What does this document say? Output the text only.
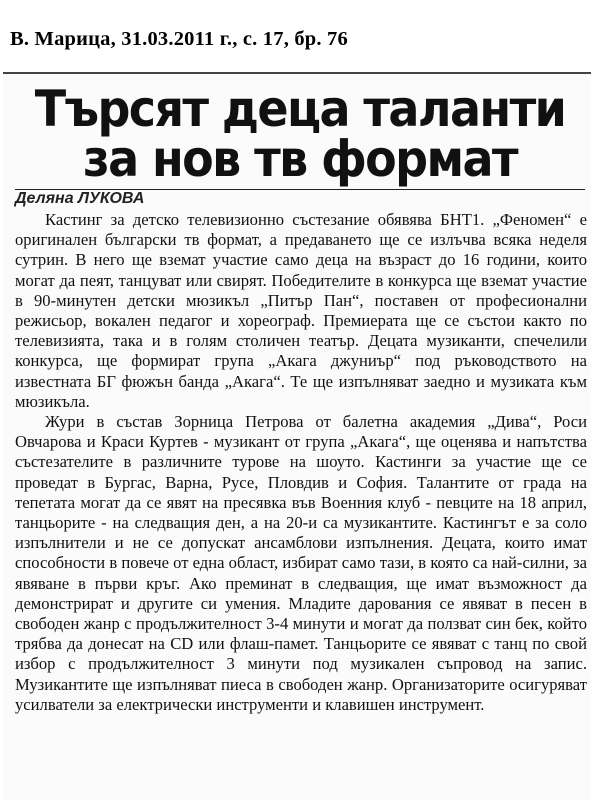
В. Марица, 31.03.2011 г., с. 17, бр. 76
Търсят деца таланти
за нов тв формат
Деляна ЛУКОВА

Кастинг за детско телевизионно състезание обявява БНТ1. „Феномен“ е оригинален български тв формат, а предаването ще се излъчва всяка неделя сутрин. В него ще вземат участие само деца на възраст до 16 години, които могат да пеят, танцуват или свирят. Победителите в конкурса ще вземат участие в 90-минутен детски мюзикъл „Питър Пан“, поставен от професионални режисьор, вокален педагог и хореограф. Премиерата ще се състои както по телевизията, така и в голям столичен театър. Децата музиканти, спечелили конкурса, ще формират група „Акага джуниър“ под ръководството на известната БГ фюжън банда „Акага“. Те ще изпълняват заедно и музиката към мюзикъла.

Жури в състав Зорница Петрова от балетна академия „Дива“, Роси Овчарова и Краси Куртев - музикант от група „Акага“, ще оценява и напътства състезателите в различните турове на шоуто. Кастинги за участие ще се проведат в Бургас, Варна, Русе, Пловдив и София. Талантите от града на тепетата могат да се явят на пресявка във Военния клуб - певците на 18 април, танцьорите - на следващия ден, а на 20-и са музикантите. Кастингът е за соло изпълнители и не се допускат ансамблови изпълнения. Децата, които имат способности в повече от една област, избират само тази, в която са най-силни, за явяване в първи кръг. Ако преминат в следващия, ще имат възможност да демонстрират и другите си умения. Младите дарования се явяват в песен в свободен жанр с продължителност 3-4 минути и могат да ползват син бек, който трябва да донесат на CD или флаш-памет. Танцьорите се явяват с танц по свой избор с продължителност 3 минути под музикален съпровод на запис. Музикантите ще изпълняват пиеса в свободен жанр. Организаторите осигуряват усилватели за електрически инструменти и клавишен инструмент.
